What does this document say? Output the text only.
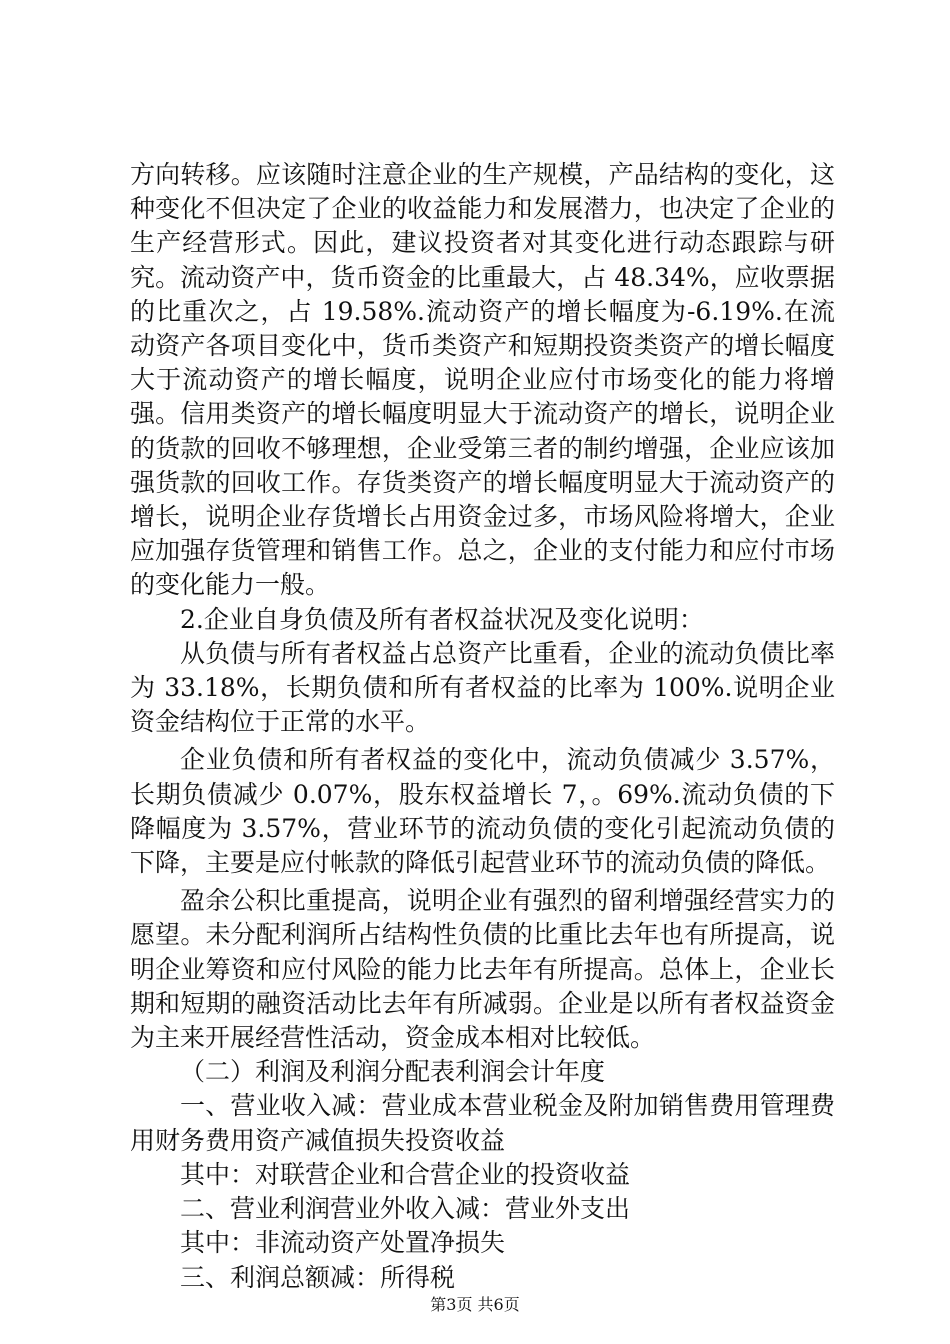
方向转移。应该随时注意企业的生产规模，产品结构的变化，这种变化不但决定了企业的收益能力和发展潜力，也决定了企业的生产经营形式。因此，建议投资者对其变化进行动态跟踪与研究。流动资产中，货币资金的比重最大，占 48.34%，应收票据的比重次之，占 19.58%.流动资产的增长幅度为-6.19%.在流动资产各项目变化中，货币类资产和短期投资类资产的增长幅度大于流动资产的增长幅度，说明企业应付市场变化的能力将增强。信用类资产的增长幅度明显大于流动资产的增长，说明企业的货款的回收不够理想，企业受第三者的制约增强，企业应该加强货款的回收工作。存货类资产的增长幅度明显大于流动资产的增长，说明企业存货增长占用资金过多，市场风险将增大，企业应加强存货管理和销售工作。总之，企业的支付能力和应付市场的变化能力一般。

2.企业自身负债及所有者权益状况及变化说明：

从负债与所有者权益占总资产比重看，企业的流动负债比率为 33.18%，长期负债和所有者权益的比率为 100%.说明企业资金结构位于正常的水平。

企业负债和所有者权益的变化中，流动负债减少 3.57%，长期负债减少 0.07%，股东权益增长 7，。69%.流动负债的下降幅度为 3.57%，营业环节的流动负债的变化引起流动负债的下降，主要是应付帐款的降低引起营业环节的流动负债的降低。

盈余公积比重提高，说明企业有强烈的留利增强经营实力的愿望。未分配利润所占结构性负债的比重比去年也有所提高，说明企业筹资和应付风险的能力比去年有所提高。总体上，企业长期和短期的融资活动比去年有所减弱。企业是以所有者权益资金为主来开展经营性活动，资金成本相对比较低。

（二）利润及利润分配表利润会计年度

一、营业收入减：营业成本营业税金及附加销售费用管理费用财务费用资产减值损失投资收益

其中：对联营企业和合营企业的投资收益

二、营业利润营业外收入减：营业外支出

其中：非流动资产处置净损失

三、利润总额减：所得税

第3页 共6页
